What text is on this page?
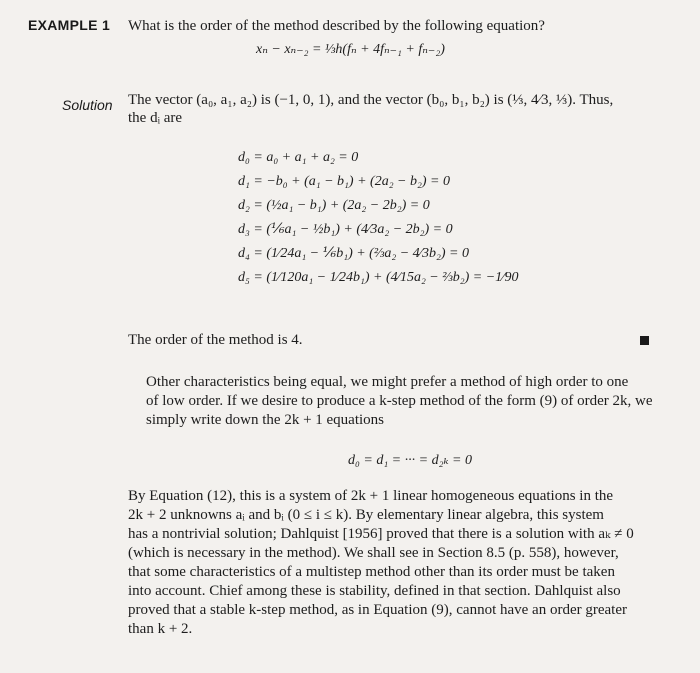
EXAMPLE 1 What is the order of the method described by the following equation?
xₙ − xₙ₋₂ = ⅓h(fₙ + 4fₙ₋₁ + fₙ₋₂)
Solution The vector (a₀, a₁, a₂) is (−1, 0, 1), and the vector (b₀, b₁, b₂) is (⅓, 4⁄3, ⅓). Thus,
the dᵢ are
d₀ = a₀ + a₁ + a₂ = 0
d₁ = −b₀ + (a₁ − b₁) + (2a₂ − b₂) = 0
d₂ = (½a₁ − b₁) + (2a₂ − 2b₂) = 0
d₃ = (⅙a₁ − ½b₁) + (4⁄3a₂ − 2b₂) = 0
d₄ = (1⁄24a₁ − ⅙b₁) + (⅔a₂ − 4⁄3b₂) = 0
d₅ = (1⁄120a₁ − 1⁄24b₁) + (4⁄15a₂ − ⅔b₂) = −1⁄90
The order of the method is 4.
Other characteristics being equal, we might prefer a method of high order to one
of low order. If we desire to produce a k-step method of the form (9) of order 2k, we
simply write down the 2k + 1 equations
d₀ = d₁ = ··· = d₂ₖ = 0
By Equation (12), this is a system of 2k + 1 linear homogeneous equations in the
2k + 2 unknowns aᵢ and bᵢ (0 ≤ i ≤ k). By elementary linear algebra, this system
has a nontrivial solution; Dahlquist [1956] proved that there is a solution with aₖ ≠ 0
(which is necessary in the method). We shall see in Section 8.5 (p. 558), however,
that some characteristics of a multistep method other than its order must be taken
into account. Chief among these is stability, defined in that section. Dahlquist also
proved that a stable k-step method, as in Equation (9), cannot have an order greater
than k + 2.
